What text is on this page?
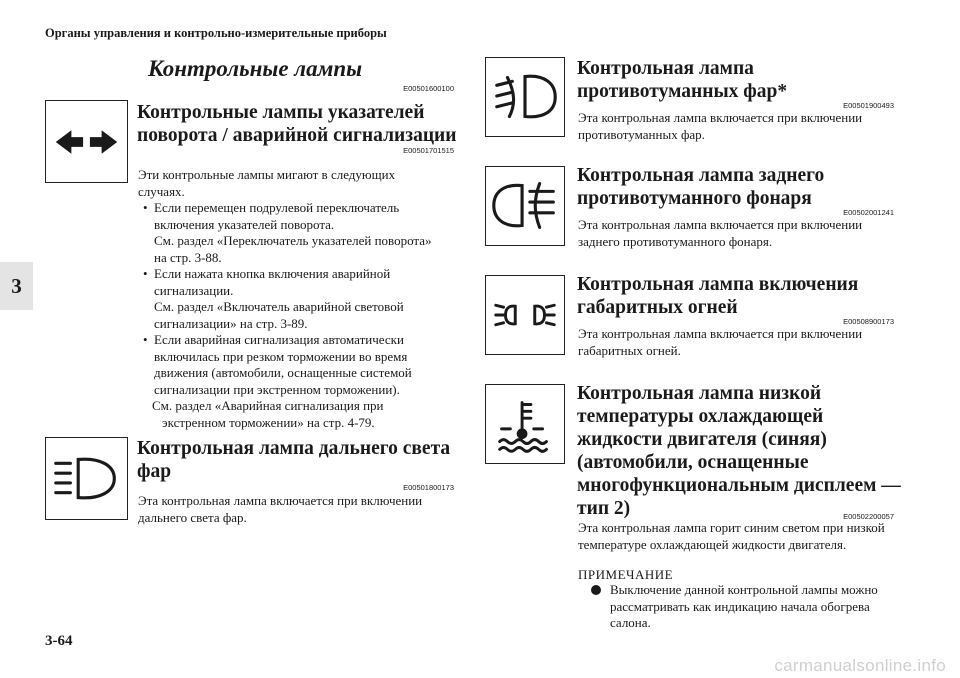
Органы управления и контрольно-измерительные приборы
3
3-64
Контрольные лампы
E00501600100
Контрольные лампы указателей
поворота / аварийной сигнализации
E00501701515
Эти контрольные лампы мигают в следующих
случаях.
• Если перемещен подрулевой переключатель
включения указателей поворота.
См. раздел «Переключатель указателей поворота»
на стр. 3-88.
• Если нажата кнопка включения аварийной
сигнализации.
См. раздел «Включатель аварийной световой
сигнализации» на стр. 3-89.
• Если аварийная сигнализация автоматически
включилась при резком торможении во время
движения (автомобили, оснащенные системой
сигнализации при экстренном торможении).
См. раздел «Аварийная сигнализация при
экстренном торможении» на стр. 4-79.
Контрольная лампа дальнего света
фар
E00501800173
Эта контрольная лампа включается при включении
дальнего света фар.
Контрольная лампа
противотуманных фар*
E00501900493
Эта контрольная лампа включается при включении
противотуманных фар.
Контрольная лампа заднего
противотуманного фонаря
E00502001241
Эта контрольная лампа включается при включении
заднего противотуманного фонаря.
Контрольная лампа включения
габаритных огней
E00508900173
Эта контрольная лампа включается при включении
габаритных огней.
Контрольная лампа низкой
температуры охлаждающей
жидкости двигателя (синяя)
(автомобили, оснащенные
многофункциональным дисплеем —
тип 2)	E00502200057
Эта контрольная лампа горит синим светом при низкой
температуре охлаждающей жидкости двигателя.
ПРИМЕЧАНИЕ
Выключение данной контрольной лампы можно
рассматривать как индикацию начала обогрева
салона.
carmanualsonline.info
